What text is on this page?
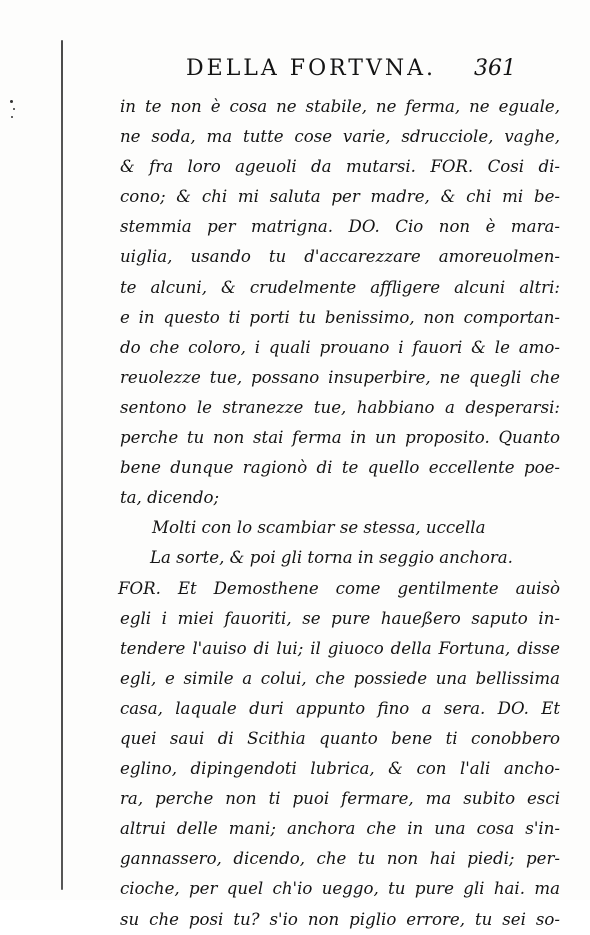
DELLA FORTVNA. 361
in te non è cosa ne stabile, ne ferma, ne eguale,
ne soda, ma tutte cose varie, sdrucciole, vaghe,
& fra loro ageuoli da mutarsi. FOR. Cosi di-
cono; & chi mi saluta per madre, & chi mi be-
stemmia per matrigna. DO. Cio non è mara-
uiglia, usando tu d'accarezzare amoreuolmen-
te alcuni, & crudelmente affligere alcuni altri:
e in questo ti porti tu benissimo, non comportan-
do che coloro, i quali prouano i fauori & le amo-
reuolezze tue, possano insuperbire, ne quegli che
sentono le stranezze tue, habbiano a desperarsi:
perche tu non stai ferma in un proposito. Quanto
bene dunque ragionò di te quello eccellente poe-
ta, dicendo;
Molti con lo scambiar se stessa, uccella
La sorte, & poi gli torna in seggio anchora.
FOR. Et Demosthene come gentilmente auisò
egli i miei fauoriti, se pure haueßero saputo in-
tendere l'auiso di lui; il giuoco della Fortuna, disse
egli, e simile a colui, che possiede una bellissima
casa, laquale duri appunto fino a sera. DO. Et
quei saui di Scithia quanto bene ti conobbero
eglino, dipingendoti lubrica, & con l'ali ancho-
ra, perche non ti puoi fermare, ma subito esci
altrui delle mani; anchora che in una cosa s'in-
gannassero, dicendo, che tu non hai piedi; per-
cioche, per quel ch'io ueggo, tu pure gli hai. ma
su che posi tu? s'io non piglio errore, tu sei so-
